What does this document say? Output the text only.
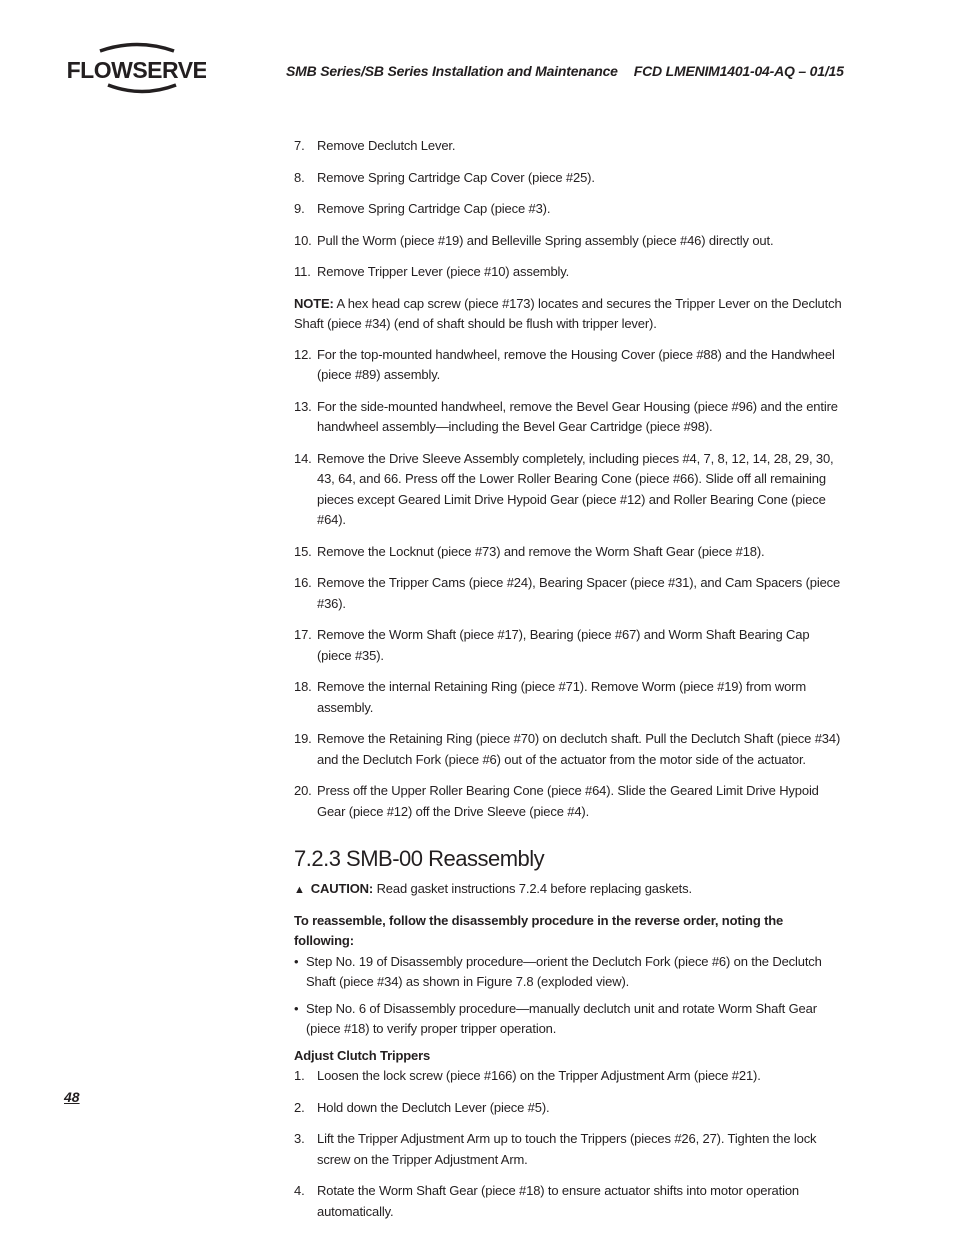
FLOWSERVE	SMB Series/SB Series Installation and Maintenance FCD LMENIM1401-04-AQ – 01/15
48
7. Remove Declutch Lever.
8. Remove Spring Cartridge Cap Cover (piece #25).
9. Remove Spring Cartridge Cap (piece #3).
10. Pull the Worm (piece #19) and Belleville Spring assembly (piece #46) directly out.
11. Remove Tripper Lever (piece #10) assembly.
NOTE: A hex head cap screw (piece #173) locates and secures the Tripper Lever on the Declutch Shaft (piece #34) (end of shaft should be flush with tripper lever).
12. For the top-mounted handwheel, remove the Housing Cover (piece #88) and the Handwheel (piece #89) assembly.
13. For the side-mounted handwheel, remove the Bevel Gear Housing (piece #96) and the entire handwheel assembly—including the Bevel Gear Cartridge (piece #98).
14. Remove the Drive Sleeve Assembly completely, including pieces #4, 7, 8, 12, 14, 28, 29, 30, 43, 64, and 66. Press off the Lower Roller Bearing Cone (piece #66). Slide off all remaining pieces except Geared Limit Drive Hypoid Gear (piece #12) and Roller Bearing Cone (piece #64).
15. Remove the Locknut (piece #73) and remove the Worm Shaft Gear (piece #18).
16. Remove the Tripper Cams (piece #24), Bearing Spacer (piece #31), and Cam Spacers (piece #36).
17. Remove the Worm Shaft (piece #17), Bearing (piece #67) and Worm Shaft Bearing Cap (piece #35).
18. Remove the internal Retaining Ring (piece #71). Remove Worm (piece #19) from worm assembly.
19. Remove the Retaining Ring (piece #70) on declutch shaft. Pull the Declutch Shaft (piece #34) and the Declutch Fork (piece #6) out of the actuator from the motor side of the actuator.
20. Press off the Upper Roller Bearing Cone (piece #64). Slide the Geared Limit Drive Hypoid Gear (piece #12) off the Drive Sleeve (piece #4).
7.2.3 SMB-00 Reassembly
▲ CAUTION: Read gasket instructions 7.2.4 before replacing gaskets.
To reassemble, follow the disassembly procedure in the reverse order, noting the following:
• Step No. 19 of Disassembly procedure—orient the Declutch Fork (piece #6) on the Declutch Shaft (piece #34) as shown in Figure 7.8 (exploded view).
• Step No. 6 of Disassembly procedure—manually declutch unit and rotate Worm Shaft Gear (piece #18) to verify proper tripper operation.
Adjust Clutch Trippers
1. Loosen the lock screw (piece #166) on the Tripper Adjustment Arm (piece #21).
2. Hold down the Declutch Lever (piece #5).
3. Lift the Tripper Adjustment Arm up to touch the Trippers (pieces #26, 27). Tighten the lock screw on the Tripper Adjustment Arm.
4. Rotate the Worm Shaft Gear (piece #18) to ensure actuator shifts into motor operation automatically.
